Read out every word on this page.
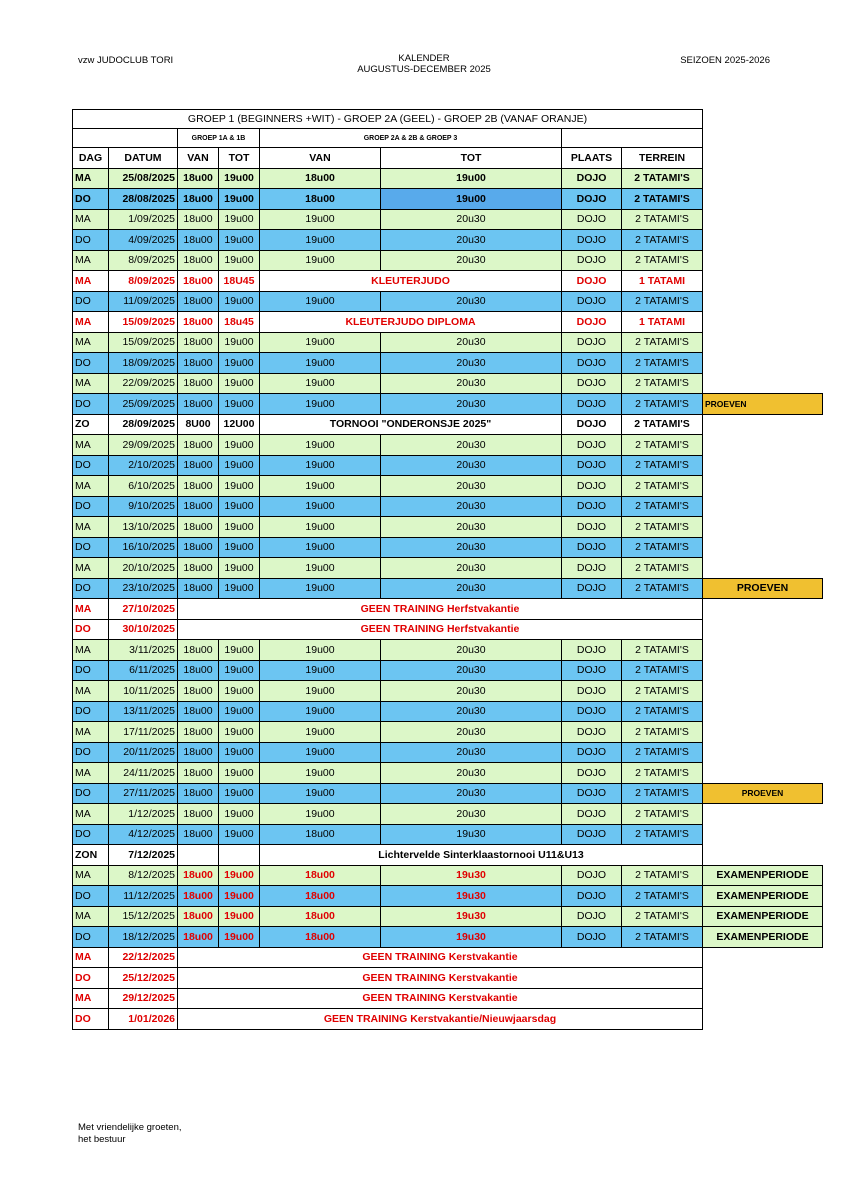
vzw JUDOCLUB TORI	KALENDER
AUGUSTUS-DECEMBER 2025
SEIZOEN 2025-2026
GROEP 1 (BEGINNERS +WIT) - GROEP 2A (GEEL) - GROEP 2B (VANAF ORANJE)								
		GROEP 1A & 1B		GROEP 2A & 2B & GROEP 3				
DAG	DATUM	VAN	TOT	VAN	TOT	PLAATS	TERREIN	
MA	25/08/2025	18u00	19u00	18u00	19u00	DOJO	2 TATAMI'S	
DO	28/08/2025	18u00	19u00	18u00	19u00	DOJO	2 TATAMI'S	
MA	1/09/2025	18u00	19u00	19u00	20u30	DOJO	2 TATAMI'S	
DO	4/09/2025	18u00	19u00	19u00	20u30	DOJO	2 TATAMI'S	
MA	8/09/2025	18u00	19u00	19u00	20u30	DOJO	2 TATAMI'S	
MA	8/09/2025	18u00	18U45	KLEUTERJUDO		DOJO	1 TATAMI	
DO	11/09/2025	18u00	19u00	19u00	20u30	DOJO	2 TATAMI'S	
MA	15/09/2025	18u00	18u45	KLEUTERJUDO DIPLOMA		DOJO	1 TATAMI	
MA	15/09/2025	18u00	19u00	19u00	20u30	DOJO	2 TATAMI'S	
DO	18/09/2025	18u00	19u00	19u00	20u30	DOJO	2 TATAMI'S	
MA	22/09/2025	18u00	19u00	19u00	20u30	DOJO	2 TATAMI'S	
DO	25/09/2025	18u00	19u00	19u00	20u30	DOJO	2 TATAMI'S	PROEVEN
ZO	28/09/2025	8U00	12U00	TORNOOI "ONDERONSJE 2025"		DOJO	2 TATAMI'S	
MA	29/09/2025	18u00	19u00	19u00	20u30	DOJO	2 TATAMI'S	
DO	2/10/2025	18u00	19u00	19u00	20u30	DOJO	2 TATAMI'S	
MA	6/10/2025	18u00	19u00	19u00	20u30	DOJO	2 TATAMI'S	
DO	9/10/2025	18u00	19u00	19u00	20u30	DOJO	2 TATAMI'S	
MA	13/10/2025	18u00	19u00	19u00	20u30	DOJO	2 TATAMI'S	
DO	16/10/2025	18u00	19u00	19u00	20u30	DOJO	2 TATAMI'S	
MA	20/10/2025	18u00	19u00	19u00	20u30	DOJO	2 TATAMI'S	
DO	23/10/2025	18u00	19u00	19u00	20u30	DOJO	2 TATAMI'S	PROEVEN
MA	27/10/2025	GEEN TRAINING Herfstvakantie						
DO	30/10/2025	GEEN TRAINING Herfstvakantie						
MA	3/11/2025	18u00	19u00	19u00	20u30	DOJO	2 TATAMI'S	
DO	6/11/2025	18u00	19u00	19u00	20u30	DOJO	2 TATAMI'S	
MA	10/11/2025	18u00	19u00	19u00	20u30	DOJO	2 TATAMI'S	
DO	13/11/2025	18u00	19u00	19u00	20u30	DOJO	2 TATAMI'S	
MA	17/11/2025	18u00	19u00	19u00	20u30	DOJO	2 TATAMI'S	
DO	20/11/2025	18u00	19u00	19u00	20u30	DOJO	2 TATAMI'S	
MA	24/11/2025	18u00	19u00	19u00	20u30	DOJO	2 TATAMI'S	
DO	27/11/2025	18u00	19u00	19u00	20u30	DOJO	2 TATAMI'S	PROEVEN
MA	1/12/2025	18u00	19u00	19u00	20u30	DOJO	2 TATAMI'S	
DO	4/12/2025	18u00	19u00	18u00	19u30	DOJO	2 TATAMI'S	
ZON	7/12/2025			Lichtervelde Sinterklaastornooi U11&U13				
MA	8/12/2025	18u00	19u00	18u00	19u30	DOJO	2 TATAMI'S	EXAMENPERIODE
DO	11/12/2025	18u00	19u00	18u00	19u30	DOJO	2 TATAMI'S	EXAMENPERIODE
MA	15/12/2025	18u00	19u00	18u00	19u30	DOJO	2 TATAMI'S	EXAMENPERIODE
DO	18/12/2025	18u00	19u00	18u00	19u30	DOJO	2 TATAMI'S	EXAMENPERIODE
MA	22/12/2025	GEEN TRAINING Kerstvakantie						
DO	25/12/2025	GEEN TRAINING Kerstvakantie						
MA	29/12/2025	GEEN TRAINING Kerstvakantie						
DO	1/01/2026	GEEN TRAINING Kerstvakantie/Nieuwjaarsdag						
Met vriendelijke groeten,
het bestuur
